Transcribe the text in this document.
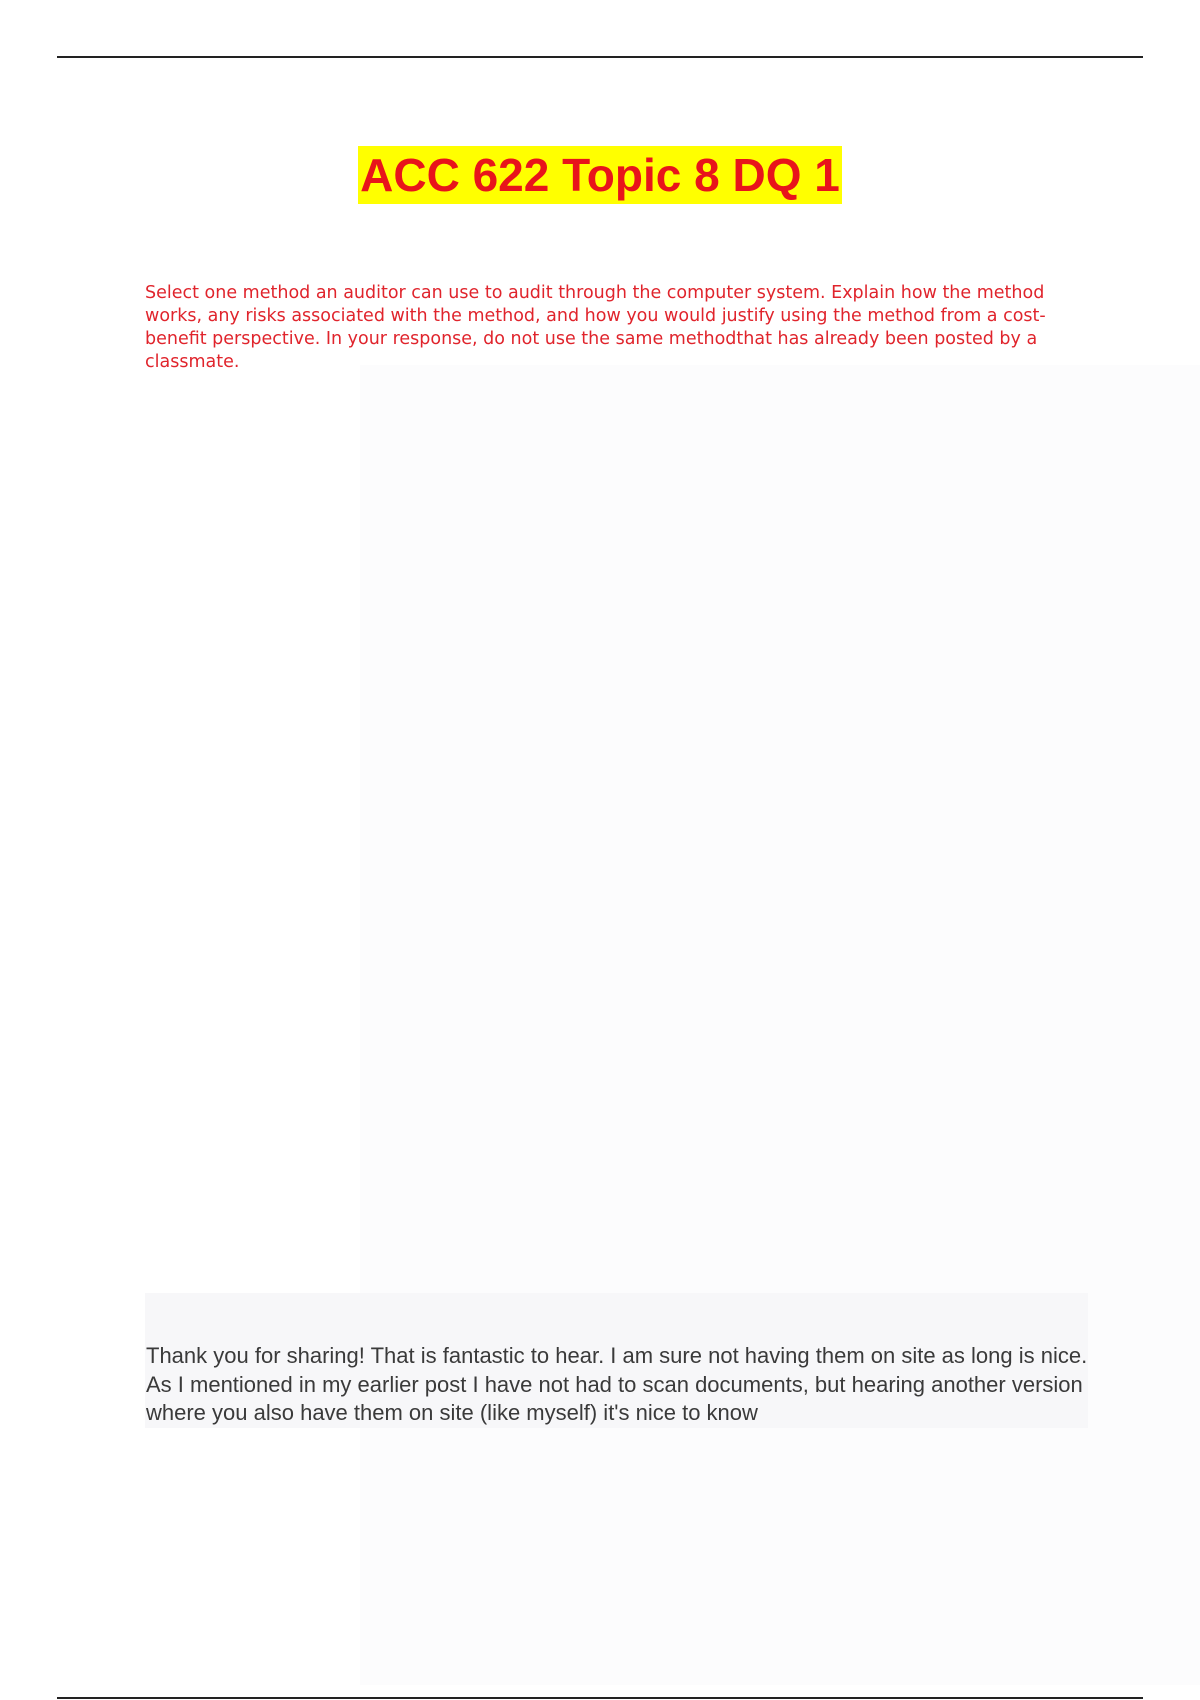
ACC 622 Topic 8 DQ 1

Select one method an auditor can use to audit through the computer system. Explain how the method works, any risks associated with the method, and how you would justify using the method from a cost-benefit perspective. In your response, do not use the same methodthat has already been posted by a classmate.

Thank you for sharing! That is fantastic to hear. I am sure not having them on site as long is nice. As I mentioned in my earlier post I have not had to scan documents, but hearing another version where you also have them on site (like myself) it's nice to know
